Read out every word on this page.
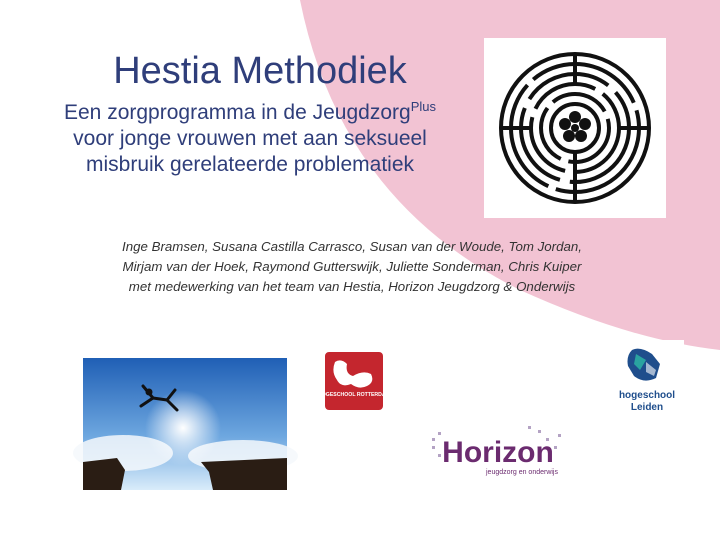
Hestia Methodiek
Een zorgprogramma in de Jeugdzorg$^{Plus}$
voor jonge vrouwen met aan seksueel
misbruik gerelateerde problematiek
Inge Bramsen, Susana Castilla Carrasco, Susan van der Woude, Tom Jordan,
Mirjam van der Hoek, Raymond Gutterswijk, Juliette Sonderman, Chris Kuiper
met medewerking van het team van Hestia, Horizon Jeugdzorg & Onderwijs
HOGESCHOOL ROTTERDAM	hogeschool
Leiden
Horizon
jeugdzorg en onderwijs
